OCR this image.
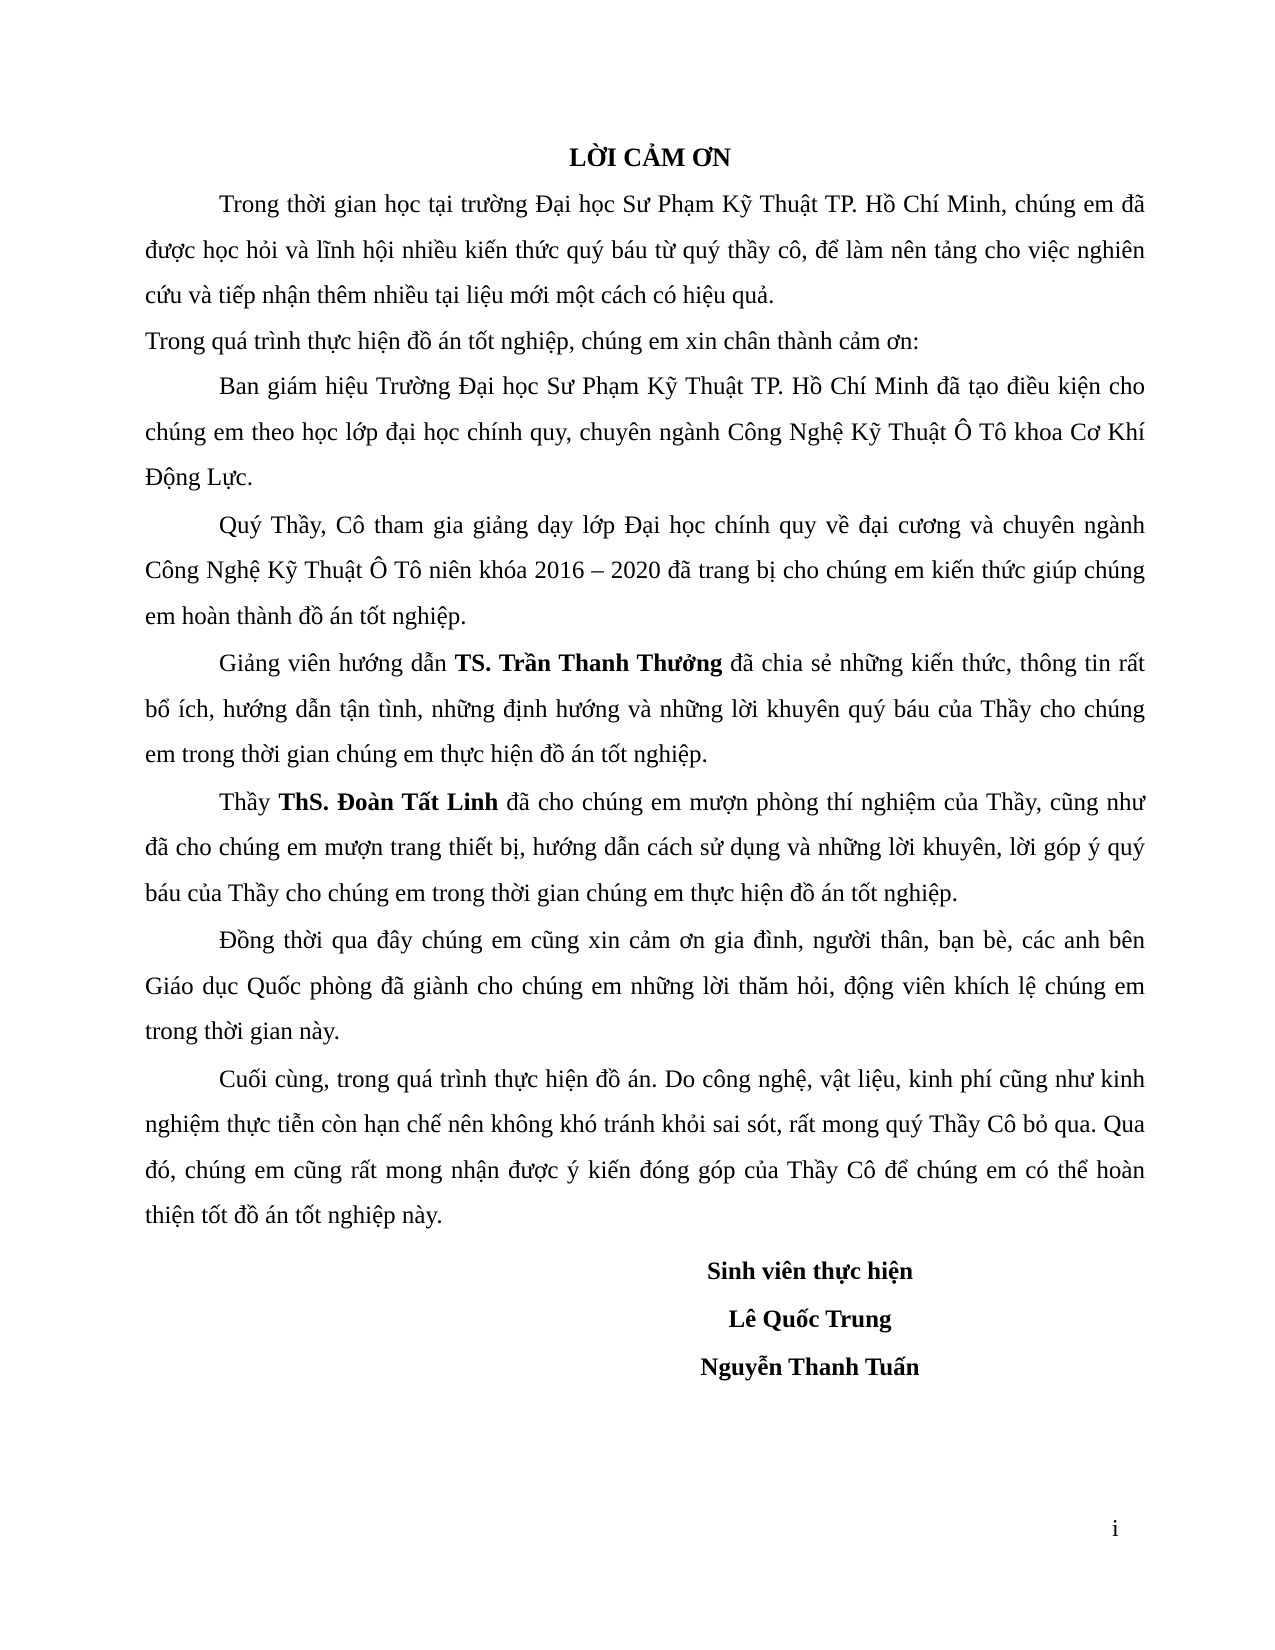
LỜI CẢM ƠN

Trong thời gian học tại trường Đại học Sư Phạm Kỹ Thuật TP. Hồ Chí Minh, chúng em đã được học hỏi và lĩnh hội nhiều kiến thức quý báu từ quý thầy cô, để làm nên tảng cho việc nghiên cứu và tiếp nhận thêm nhiều tại liệu mới một cách có hiệu quả.

Trong quá trình thực hiện đồ án tốt nghiệp, chúng em xin chân thành cảm ơn:

Ban giám hiệu Trường Đại học Sư Phạm Kỹ Thuật TP. Hồ Chí Minh đã tạo điều kiện cho chúng em theo học lớp đại học chính quy, chuyên ngành Công Nghệ Kỹ Thuật Ô Tô khoa Cơ Khí Động Lực.

Quý Thầy, Cô tham gia giảng dạy lớp Đại học chính quy về đại cương và chuyên ngành Công Nghệ Kỹ Thuật Ô Tô niên khóa 2016 – 2020 đã trang bị cho chúng em kiến thức giúp chúng em hoàn thành đồ án tốt nghiệp.

Giảng viên hướng dẫn TS. Trần Thanh Thưởng đã chia sẻ những kiến thức, thông tin rất bổ ích, hướng dẫn tận tình, những định hướng và những lời khuyên quý báu của Thầy cho chúng em trong thời gian chúng em thực hiện đồ án tốt nghiệp.

Thầy ThS. Đoàn Tất Linh đã cho chúng em mượn phòng thí nghiệm của Thầy, cũng như đã cho chúng em mượn trang thiết bị, hướng dẫn cách sử dụng và những lời khuyên, lời góp ý quý báu của Thầy cho chúng em trong thời gian chúng em thực hiện đồ án tốt nghiệp.

Đồng thời qua đây chúng em cũng xin cảm ơn gia đình, người thân, bạn bè, các anh bên Giáo dục Quốc phòng đã giành cho chúng em những lời thăm hỏi, động viên khích lệ chúng em trong thời gian này.

Cuối cùng, trong quá trình thực hiện đồ án. Do công nghệ, vật liệu, kinh phí cũng như kinh nghiệm thực tiễn còn hạn chế nên không khó tránh khỏi sai sót, rất mong quý Thầy Cô bỏ qua. Qua đó, chúng em cũng rất mong nhận được ý kiến đóng góp của Thầy Cô để chúng em có thể hoàn thiện tốt đồ án tốt nghiệp này.

Sinh viên thực hiện
Lê Quốc Trung
Nguyễn Thanh Tuấn
i
